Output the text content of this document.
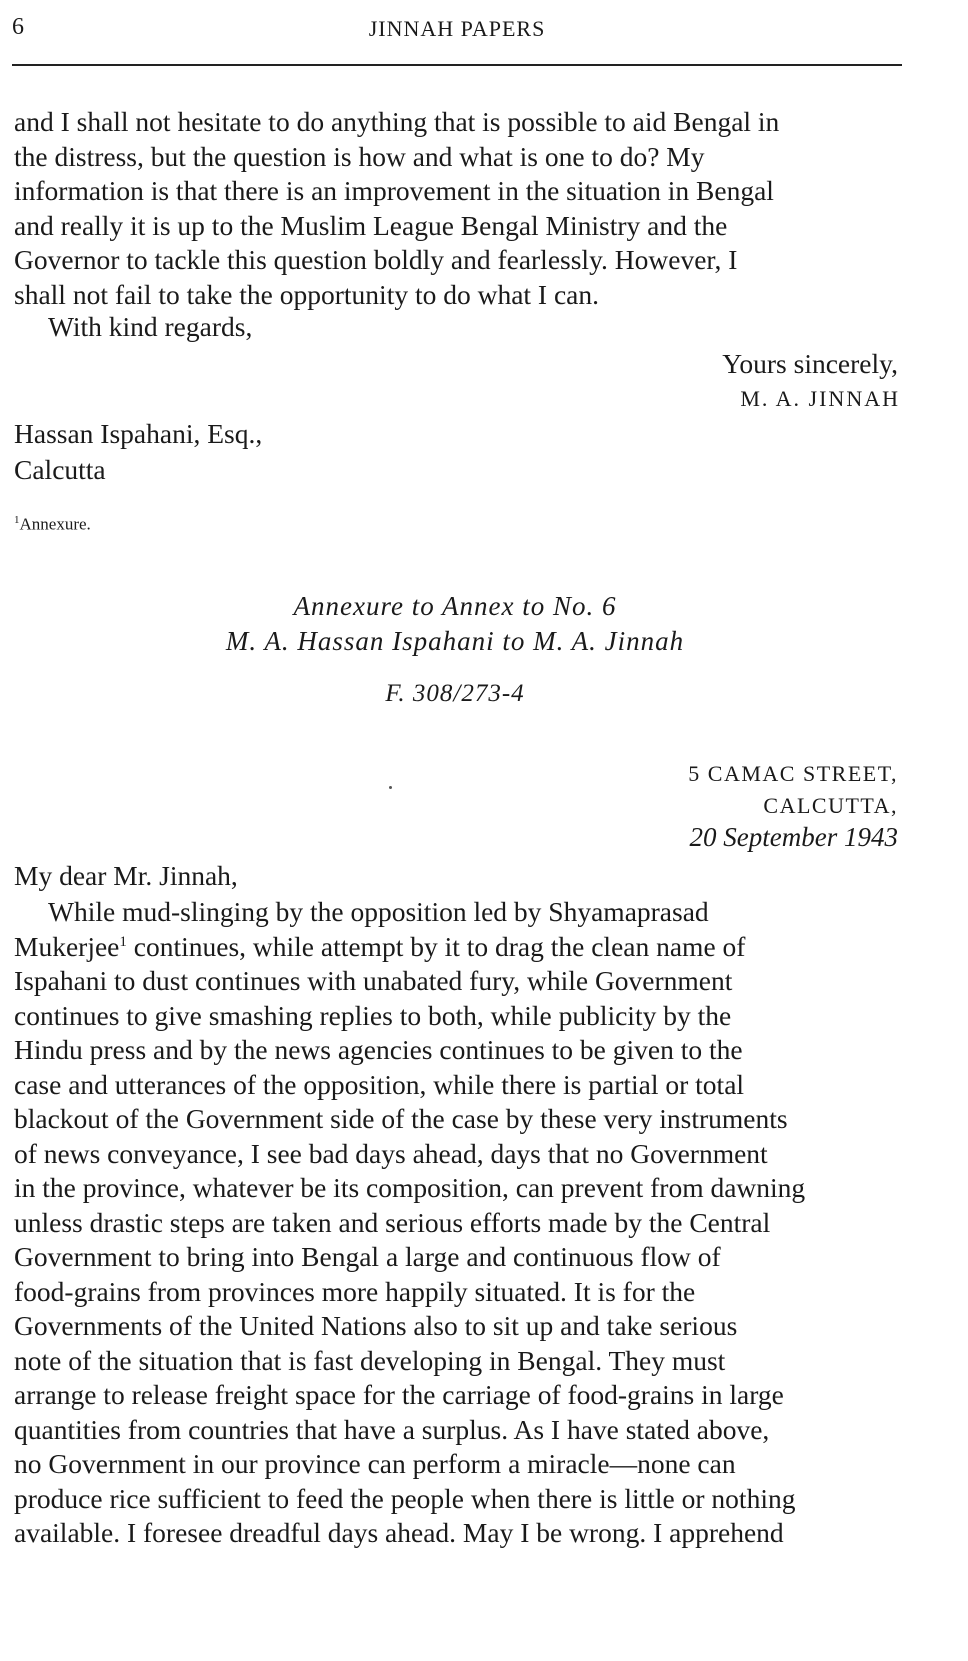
6	JINNAH PAPERS
and I shall not hesitate to do anything that is possible to aid Bengal in
the distress, but the question is how and what is one to do? My
information is that there is an improvement in the situation in Bengal
and really it is up to the Muslim League Bengal Ministry and the
Governor to tackle this question boldly and fearlessly. However, I
shall not fail to take the opportunity to do what I can.
With kind regards,
Yours sincerely,
M. A. JINNAH
Hassan Ispahani, Esq.,
Calcutta
$^1$Annexure.
Annexure to Annex to No. 6
M. A. Hassan Ispahani to M. A. Jinnah
F. 308/273-4
5 CAMAC STREET,
CALCUTTA,
20 September 1943
My dear Mr. Jinnah,
While mud-slinging by the opposition led by Shyamaprasad
Mukerjee$^1$ continues, while attempt by it to drag the clean name of
Ispahani to dust continues with unabated fury, while Government
continues to give smashing replies to both, while publicity by the
Hindu press and by the news agencies continues to be given to the
case and utterances of the opposition, while there is partial or total
blackout of the Government side of the case by these very instruments
of news conveyance, I see bad days ahead, days that no Government
in the province, whatever be its composition, can prevent from dawning
unless drastic steps are taken and serious efforts made by the Central
Government to bring into Bengal a large and continuous flow of
food-grains from provinces more happily situated. It is for the
Governments of the United Nations also to sit up and take serious
note of the situation that is fast developing in Bengal. They must
arrange to release freight space for the carriage of food-grains in large
quantities from countries that have a surplus. As I have stated above,
no Government in our province can perform a miracle—none can
produce rice sufficient to feed the people when there is little or nothing
available. I foresee dreadful days ahead. May I be wrong. I apprehend
